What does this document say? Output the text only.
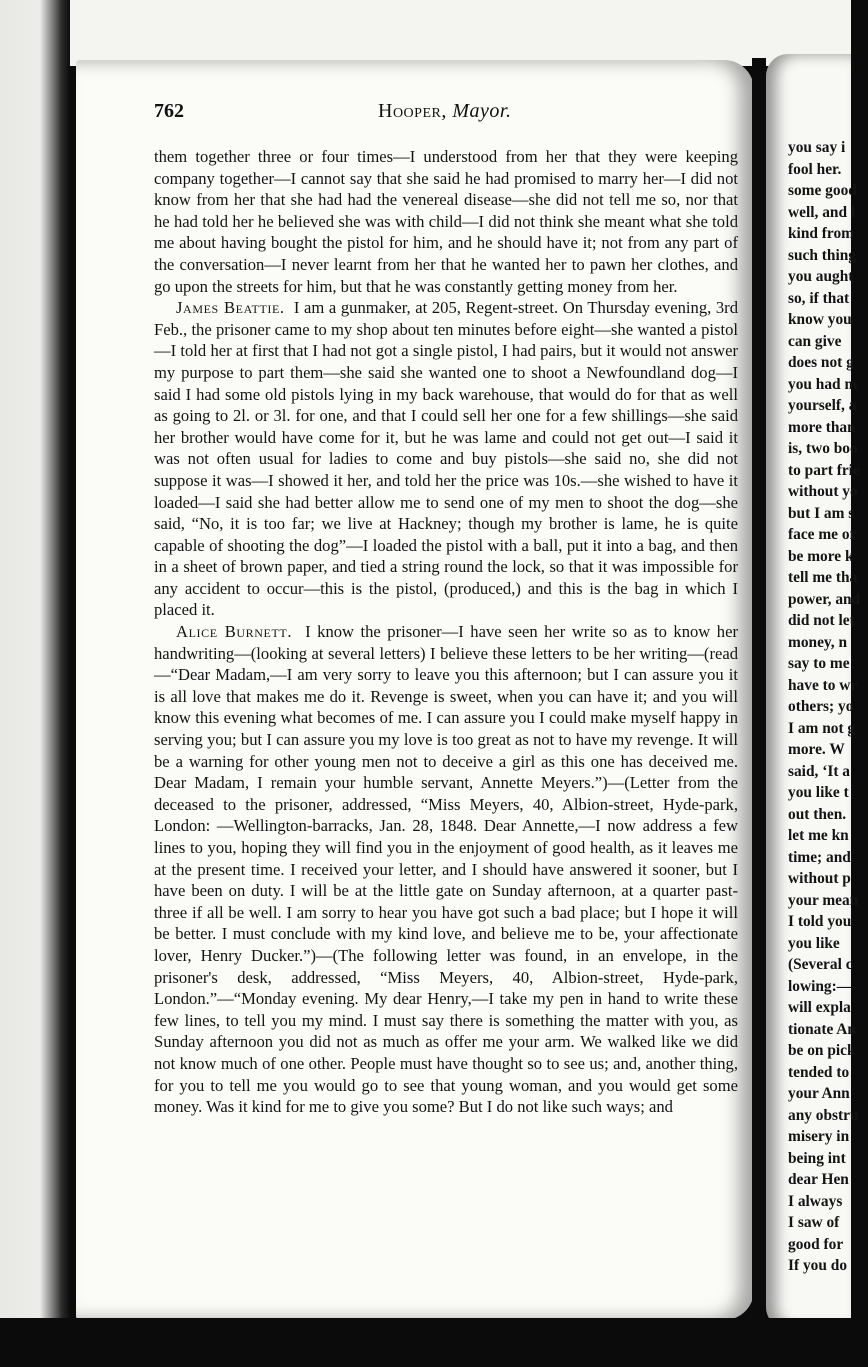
762	Hooper, Mayor.

them together three or four times—I understood from her that they were keeping company together—I cannot say that she said he had promised to marry her—I did not know from her that she had had the venereal disease—she did not tell me so, nor that he had told her he believed she was with child—I did not think she meant what she told me about having bought the pistol for him, and he should have it; not from any part of the conversation—I never learnt from her that he wanted her to pawn her clothes, and go upon the streets for him, but that he was constantly getting money from her.

James Beattie. I am a gunmaker, at 205, Regent-street. On Thursday evening, 3rd Feb., the prisoner came to my shop about ten minutes before eight—she wanted a pistol—I told her at first that I had not got a single pistol, I had pairs, but it would not answer my purpose to part them—she said she wanted one to shoot a Newfoundland dog—I said I had some old pistols lying in my back warehouse, that would do for that as well as going to 2l. or 3l. for one, and that I could sell her one for a few shillings—she said her brother would have come for it, but he was lame and could not get out—I said it was not often usual for ladies to come and buy pistols—she said no, she did not suppose it was—I showed it her, and told her the price was 10s.—she wished to have it loaded—I said she had better allow me to send one of my men to shoot the dog—she said, “No, it is too far; we live at Hackney; though my brother is lame, he is quite capable of shooting the dog”—I loaded the pistol with a ball, put it into a bag, and then in a sheet of brown paper, and tied a string round the lock, so that it was impossible for any accident to occur—this is the pistol, (produced,) and this is the bag in which I placed it.

Alice Burnett. I know the prisoner—I have seen her write so as to know her handwriting—(looking at several letters) I believe these letters to be her writing—(read—“Dear Madam,—I am very sorry to leave you this afternoon; but I can assure you it is all love that makes me do it. Revenge is sweet, when you can have it; and you will know this evening what becomes of me. I can assure you I could make myself happy in serving you; but I can assure you my love is too great as not to have my revenge. It will be a warning for other young men not to deceive a girl as this one has deceived me. Dear Madam, I remain your humble servant, Annette Meyers.”)—(Letter from the deceased to the prisoner, addressed, “Miss Meyers, 40, Albion-street, Hyde-park, London: —Wellington-barracks, Jan. 28, 1848. Dear Annette,—I now address a few lines to you, hoping they will find you in the enjoyment of good health, as it leaves me at the present time. I received your letter, and I should have answered it sooner, but I have been on duty. I will be at the little gate on Sunday afternoon, at a quarter past-three if all be well. I am sorry to hear you have got such a bad place; but I hope it will be better. I must conclude with my kind love, and believe me to be, your affectionate lover, Henry Ducker.”)—(The following letter was found, in an envelope, in the prisoner's desk, addressed, “Miss Meyers, 40, Albion-street, Hyde-park, London.”—“Monday evening. My dear Henry,—I take my pen in hand to write these few lines, to tell you my mind. I must say there is something the matter with you, as Sunday afternoon you did not as much as offer me your arm. We walked like we did not know much of one other. People must have thought so to see us; and, another thing, for you to tell me you would go to see that young woman, and you would get some money. Was it kind for me to give you some? But I do not like such ways; and

you say i
fool her.
some good
well, and l
kind from
such thing
you aught
so, if that
know you
can give
does not g
you had m
yourself, a
more than
is, two boo
to part frie
without yo
but I am s
face me or
be more k
tell me tha
power, and
did not let
money, n
say to me
have to wr
others; yo
I am not g
more. W
said, ‘It a
you like t
out then.
let me kn
time; and
without p
your mean
I told you
you like
(Several c
lowing:—
will expla
tionate An
be on pick
tended to
your Ann
any obstru
misery in
being int
dear Hen
I always
I saw of
good for
If you do
